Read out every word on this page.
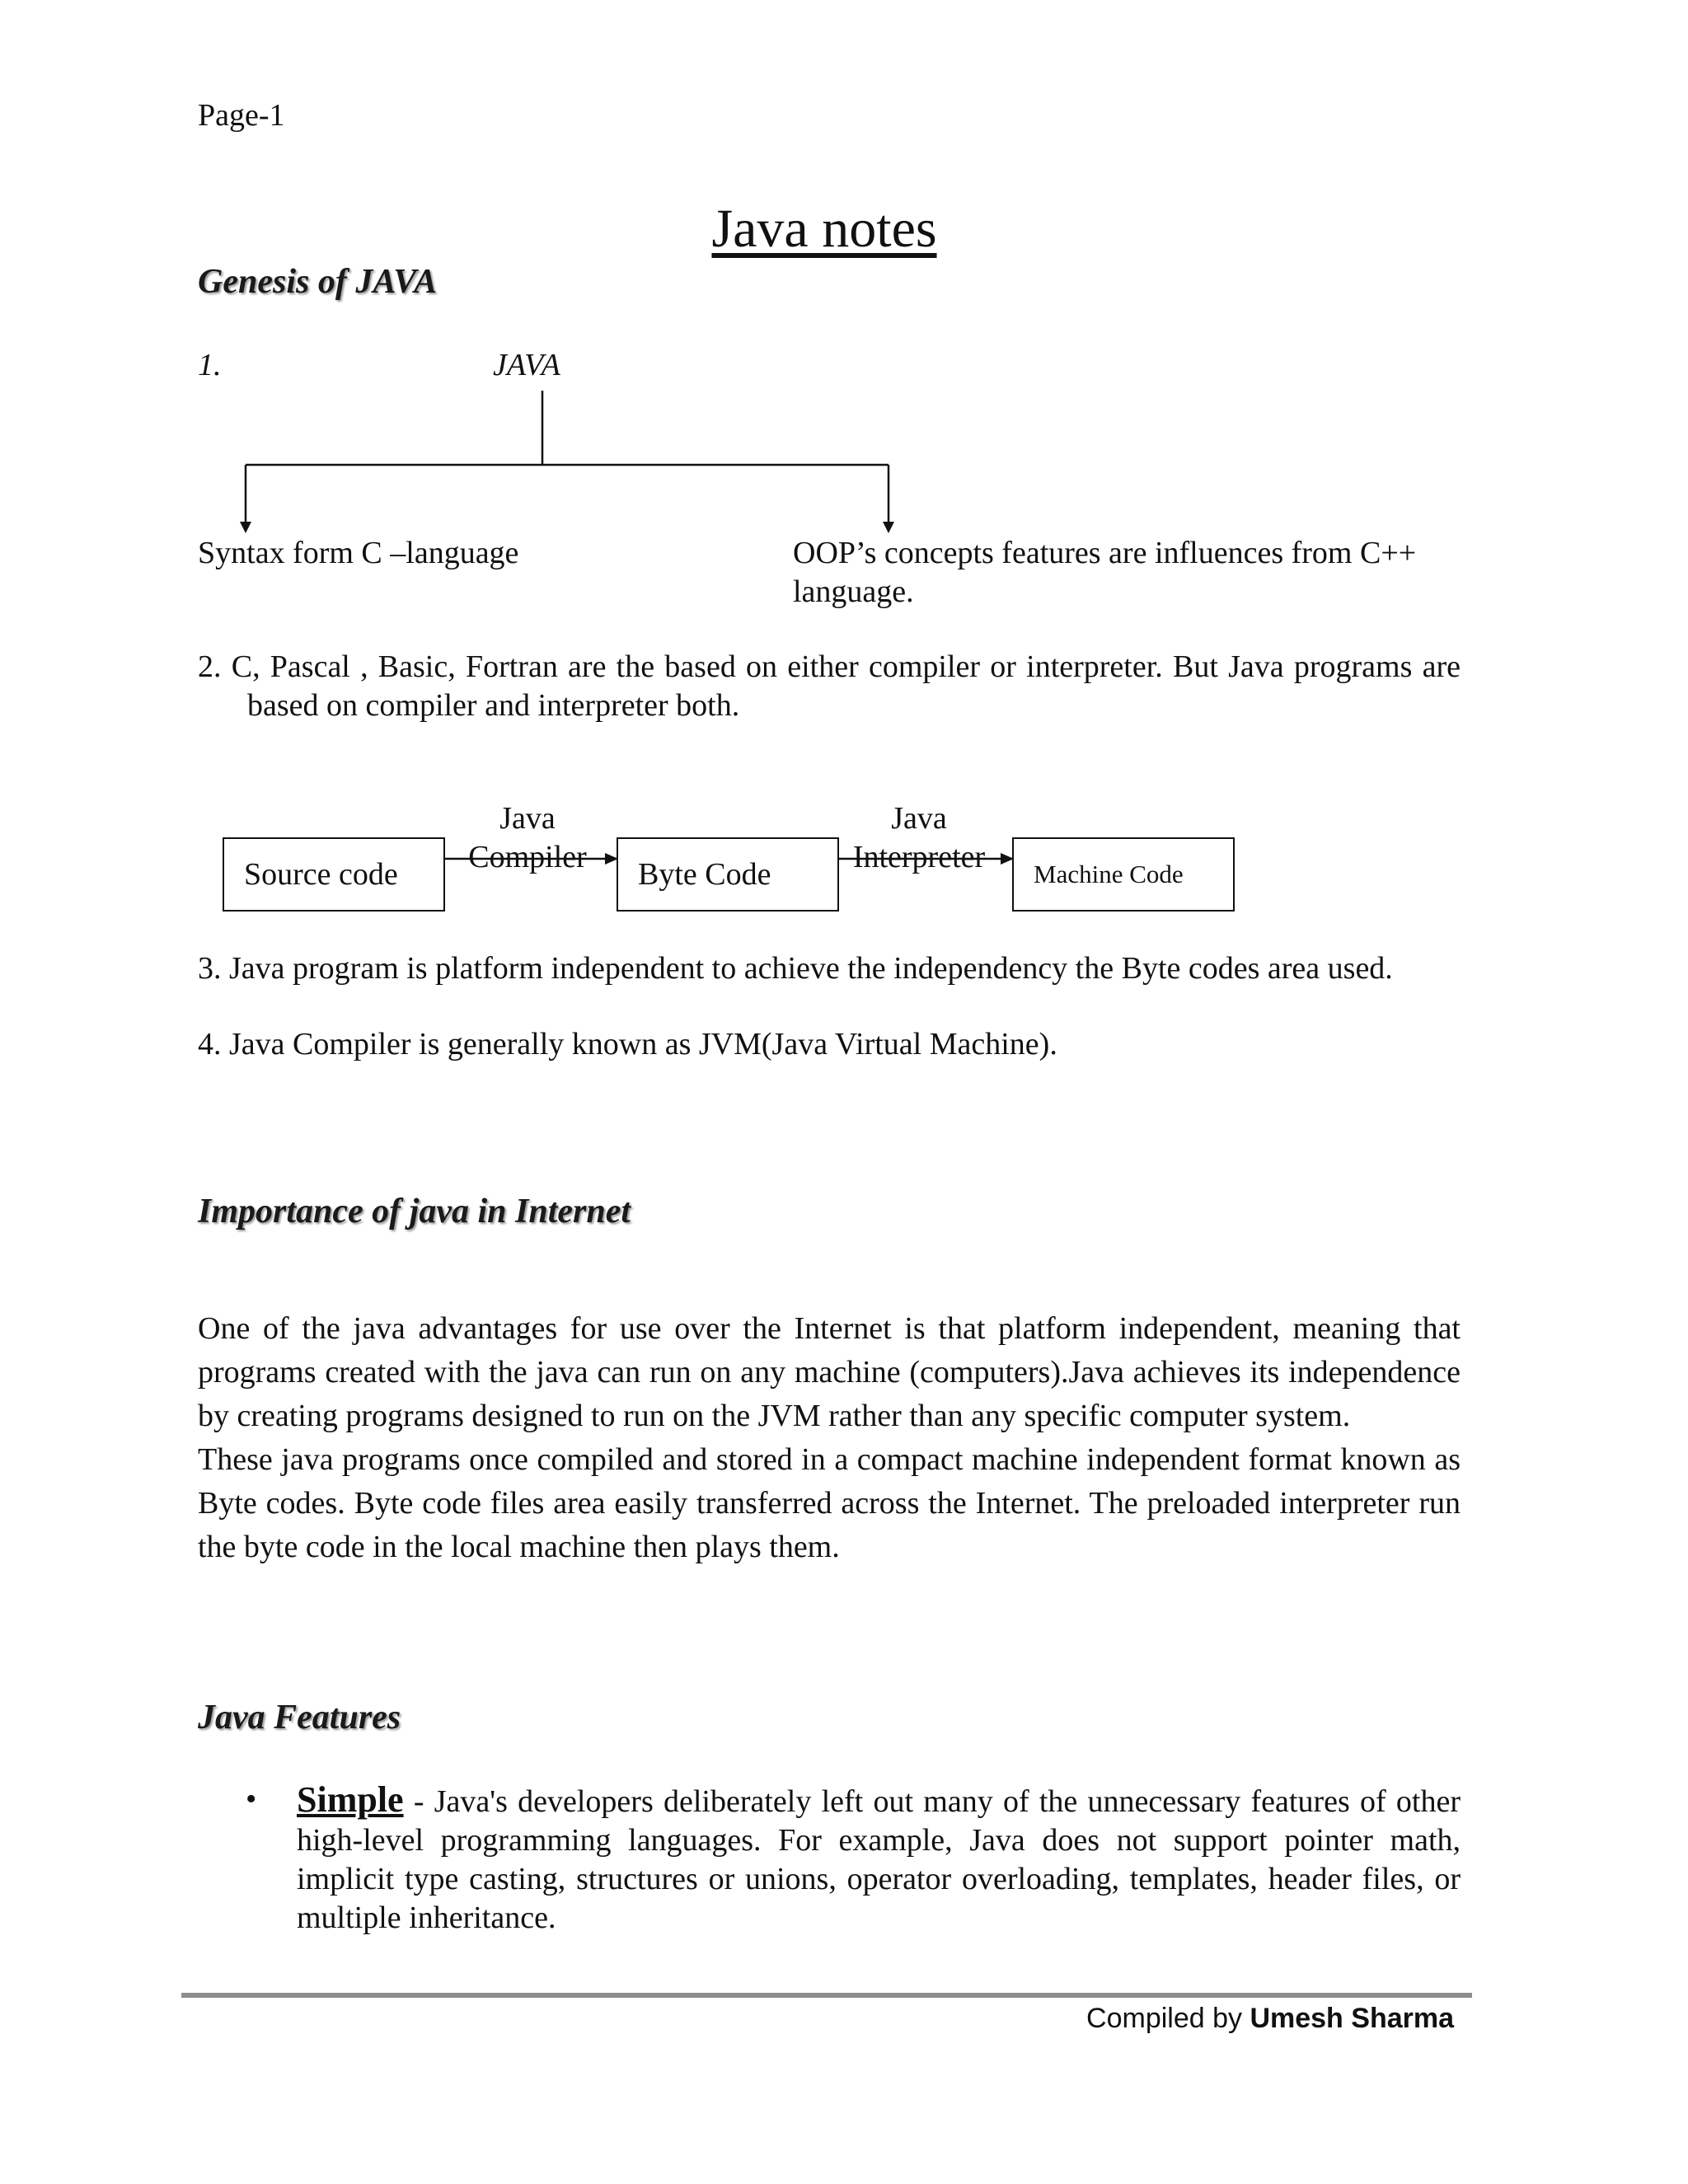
Page-1
Java notes
Genesis of JAVA
1.	JAVA
Syntax form C –language	OOP’s concepts features are influences from C++ language.

2. C, Pascal , Basic, Fortran are the based on either compiler or interpreter. But Java programs are based on compiler and interpreter both.

Source code
Java Compiler	Byte Code
Java Interpreter	Machine Code

3. Java program is platform independent to achieve the independency the Byte codes area used.

4. Java Compiler is generally known as JVM(Java Virtual Machine).

Importance of java in Internet

One of the java advantages for use over the Internet is that platform independent, meaning that programs created with the java can run on any machine (computers).Java achieves its independence by creating programs designed to run on the JVM rather than any specific computer system.

These java programs once compiled and stored in a compact machine independent format known as Byte codes. Byte code files area easily transferred across the Internet. The preloaded interpreter run the byte code in the local machine then plays them.

Java Features
• Simple - Java's developers deliberately left out many of the unnecessary features of other high-level programming languages. For example, Java does not support pointer math, implicit type casting, structures or unions, operator overloading, templates, header files, or multiple inheritance.
Compiled by Umesh Sharma
